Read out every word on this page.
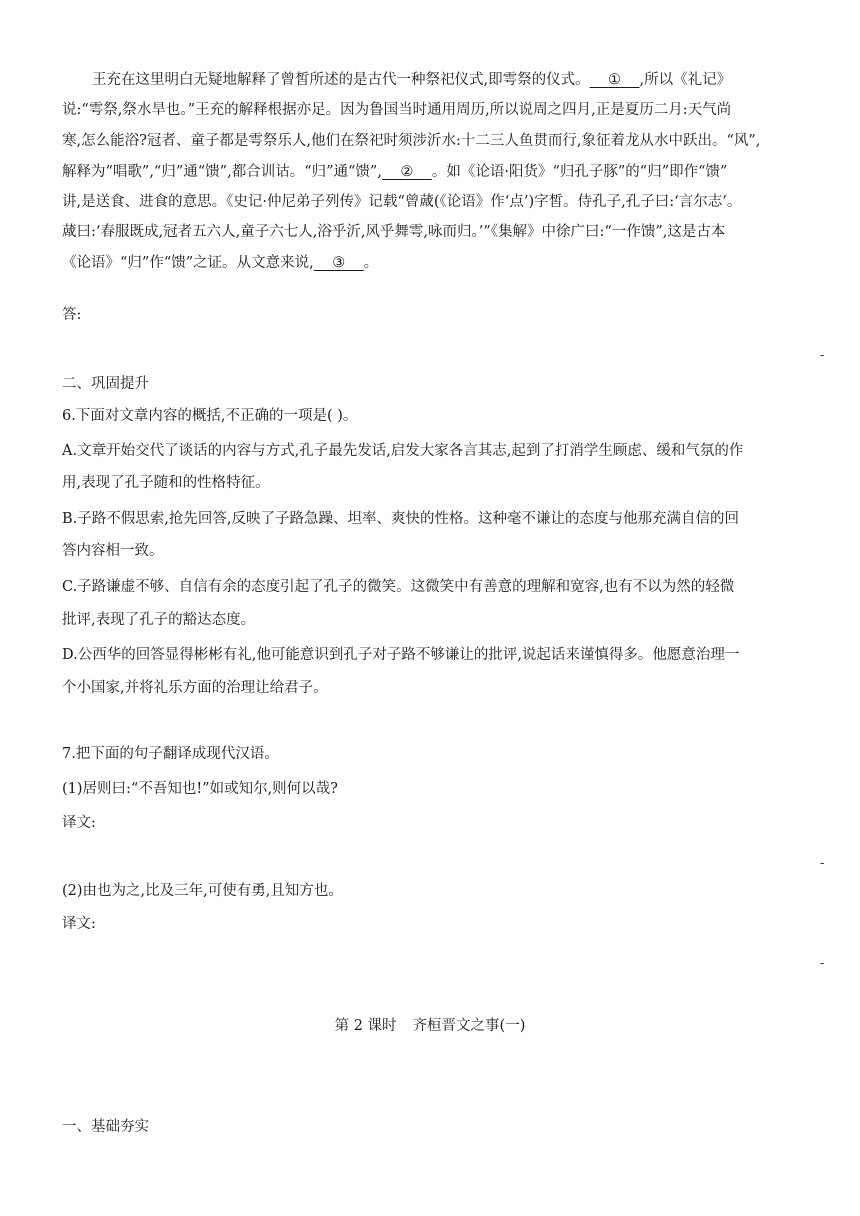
王充在这里明白无疑地解释了曾皙所述的是古代一种祭祀仪式,即雩祭的仪式。    ①    ,所以《礼记》
说:“雩祭,祭水旱也。”王充的解释根据亦足。因为鲁国当时通用周历,所以说周之四月,正是夏历二月:天气尚
寒,怎么能浴?冠者、童子都是雩祭乐人,他们在祭祀时须涉沂水:十二三人鱼贯而行,象征着龙从水中跃出。“风”,
解释为“唱歌”,“归”通“馈”,都合训诂。“归”通“馈”,    ②    。如《论语·阳货》“归孔子豚”的“归”即作“馈”
讲,是送食、进食的意思。《史记·仲尼弟子列传》记载“曾蒧(《论语》作‘点’)字皙。侍孔子,孔子曰:‘言尔志’。
蒧曰:‘春服既成,冠者五六人,童子六七人,浴乎沂,风乎舞雩,咏而归。’”《集解》中徐广曰:“一作馈”,这是古本
《论语》“归”作“馈”之证。从文意来说,    ③    。
答:
-
二、巩固提升
6.下面对文章内容的概括,不正确的一项是( )。
A.文章开始交代了谈话的内容与方式,孔子最先发话,启发大家各言其志,起到了打消学生顾虑、缓和气氛的作
用,表现了孔子随和的性格特征。
B.子路不假思索,抢先回答,反映了子路急躁、坦率、爽快的性格。这种毫不谦让的态度与他那充满自信的回
答内容相一致。
C.子路谦虚不够、自信有余的态度引起了孔子的微笑。这微笑中有善意的理解和宽容,也有不以为然的轻微
批评,表现了孔子的豁达态度。
D.公西华的回答显得彬彬有礼,他可能意识到孔子对子路不够谦让的批评,说起话来谨慎得多。他愿意治理一
个小国家,并将礼乐方面的治理让给君子。
7.把下面的句子翻译成现代汉语。
(1)居则曰:“不吾知也!”如或知尔,则何以哉?
译文:
-
(2)由也为之,比及三年,可使有勇,且知方也。
译文:
-
第 2 课时 齐桓晋文之事(一)
一、基础夯实
